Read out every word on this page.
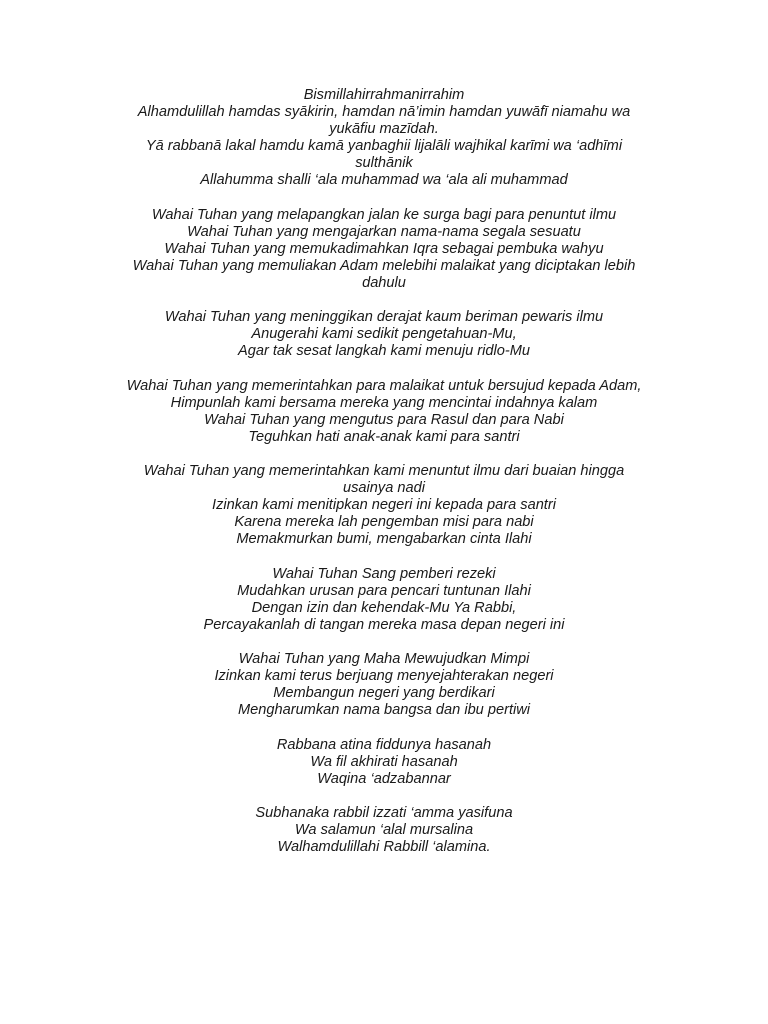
Bismillahirrahmanirrahim
Alhamdulillah hamdas syākirin, hamdan nā’imin hamdan yuwāfī niamahu wa yukāfiu mazīdah.
Yā rabbanā lakal hamdu kamā yanbaghii lijalāli wajhikal karīmi wa ‘adhīmi sulthānik
Allahumma shalli ‘ala muhammad wa ‘ala ali muhammad
Wahai Tuhan yang melapangkan jalan ke surga bagi para penuntut ilmu
Wahai Tuhan yang mengajarkan nama-nama segala sesuatu
Wahai Tuhan yang memukadimahkan Iqra sebagai pembuka wahyu
Wahai Tuhan yang memuliakan Adam melebihi malaikat yang diciptakan lebih dahulu
Wahai Tuhan yang meninggikan derajat kaum beriman pewaris ilmu
Anugerahi kami sedikit pengetahuan-Mu,
Agar tak sesat langkah kami menuju ridlo-Mu
Wahai Tuhan yang memerintahkan para malaikat untuk bersujud kepada Adam,
Himpunlah kami bersama mereka yang mencintai indahnya kalam
Wahai Tuhan yang mengutus para Rasul dan para Nabi
Teguhkan hati anak-anak kami para santri
Wahai Tuhan yang memerintahkan kami menuntut ilmu dari buaian hingga usainya nadi
Izinkan kami menitipkan negeri ini kepada para santri
Karena mereka lah pengemban misi para nabi
Memakmurkan bumi, mengabarkan cinta Ilahi
Wahai Tuhan Sang pemberi rezeki
Mudahkan urusan para pencari tuntunan Ilahi
Dengan izin dan kehendak-Mu Ya Rabbi,
Percayakanlah di tangan mereka masa depan negeri ini
Wahai Tuhan yang Maha Mewujudkan Mimpi
Izinkan kami terus berjuang menyejahterakan negeri
Membangun negeri yang berdikari
Mengharumkan nama bangsa dan ibu pertiwi
Rabbana atina fiddunya hasanah
Wa fil akhirati hasanah
Waqina ‘adzabannar
Subhanaka rabbil izzati ‘amma yasifuna
Wa salamun ‘alal mursalina
Walhamdulillahi Rabbill ‘alamina.
